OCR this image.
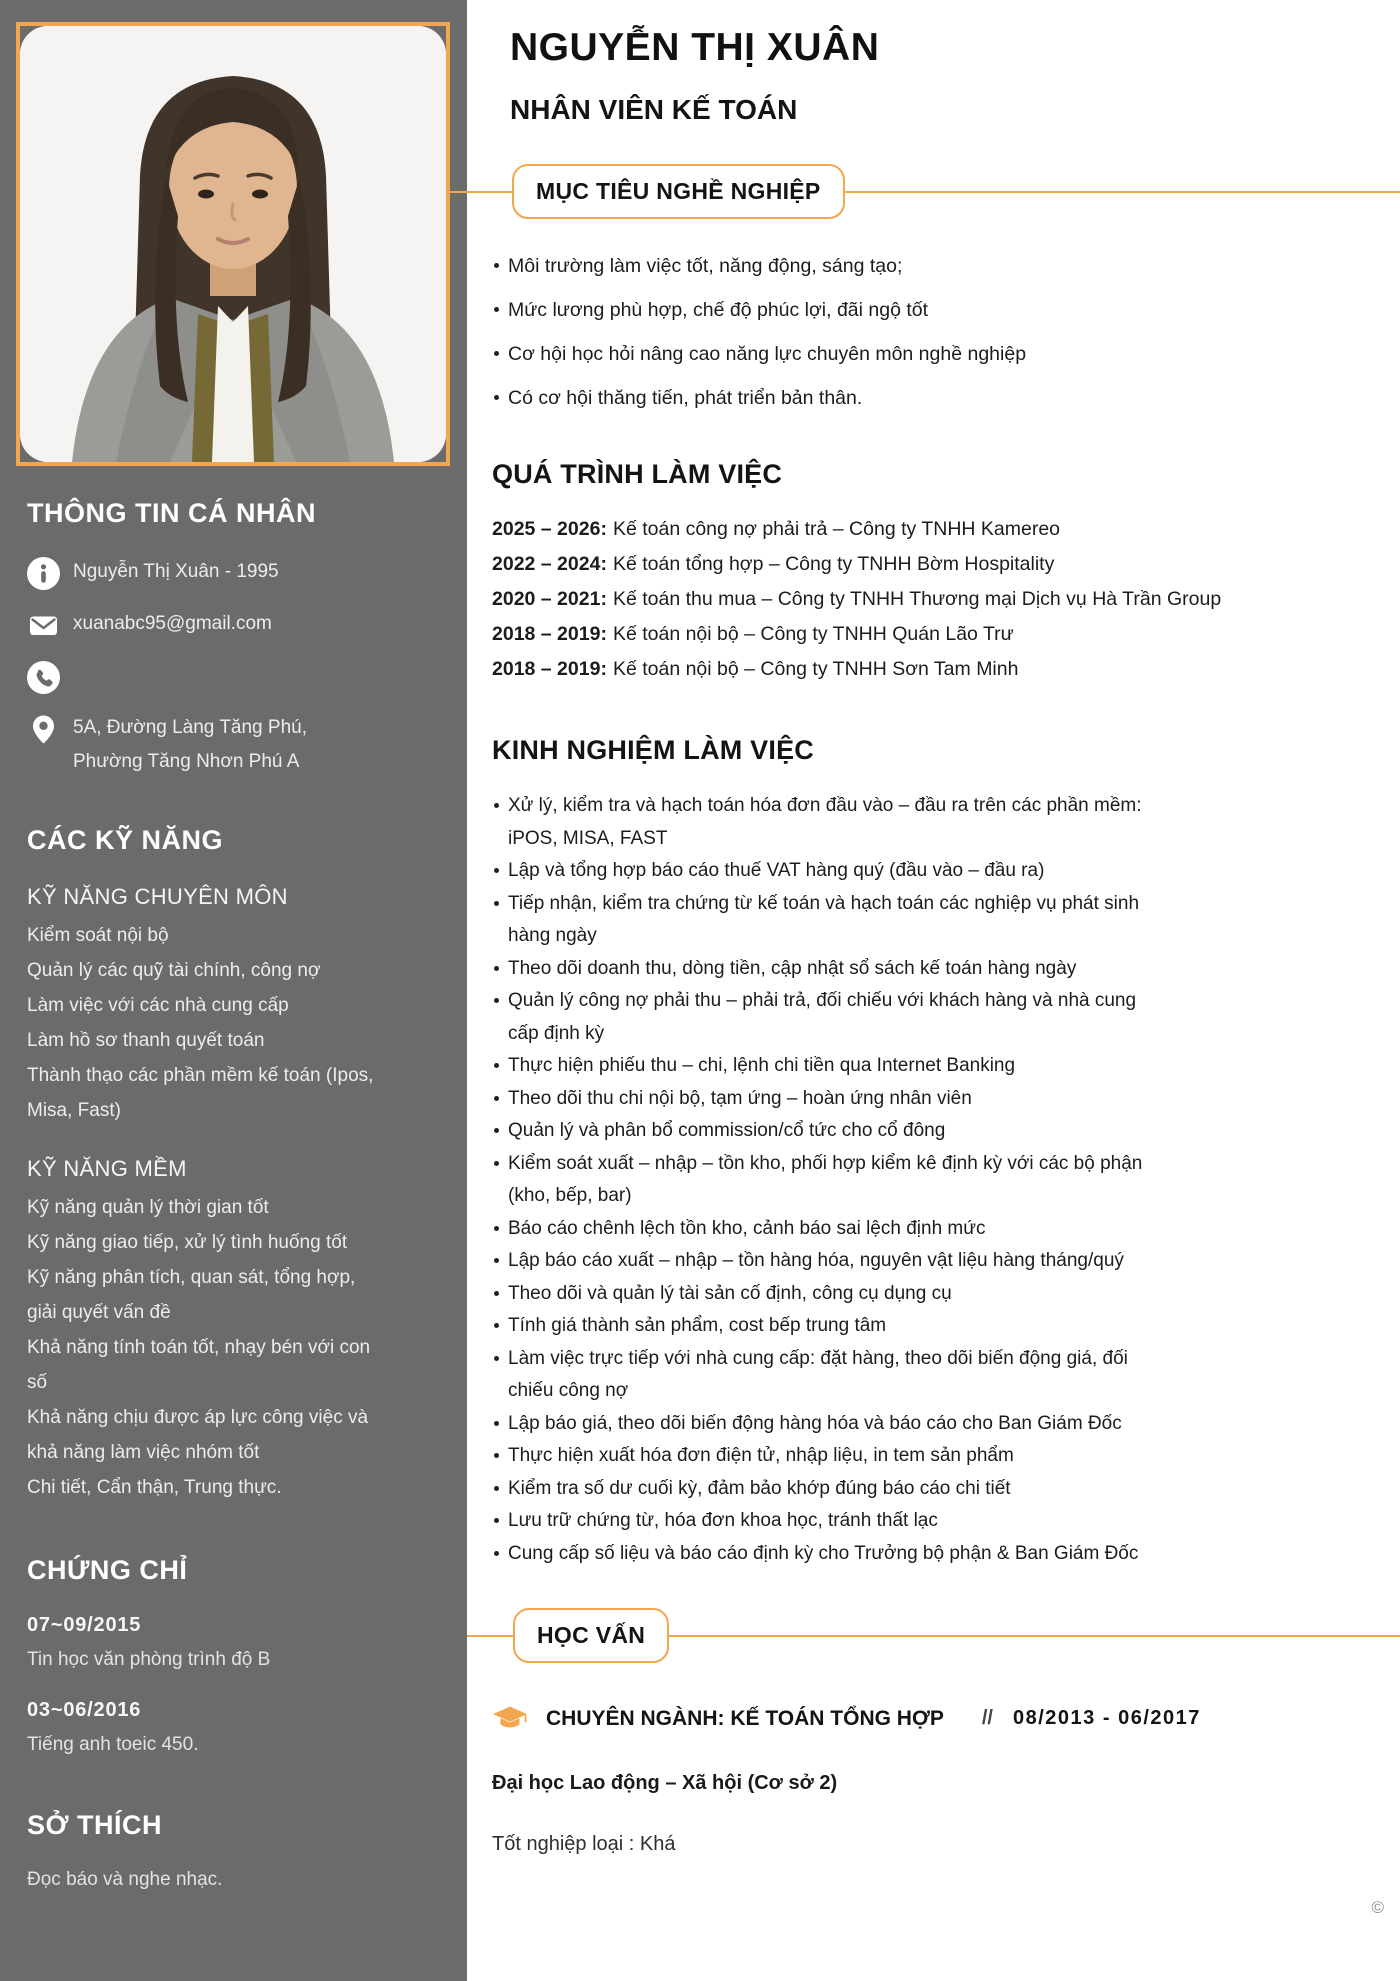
THÔNG TIN CÁ NHÂN
Nguyễn Thị Xuân - 1995
xuanabc95@gmail.com
5A, Đường Làng Tăng Phú, Phường Tăng Nhơn Phú A
CÁC KỸ NĂNG
KỸ NĂNG CHUYÊN MÔN
Kiểm soát nội bộ
Quản lý các quỹ tài chính, công nợ
Làm việc với các nhà cung cấp
Làm hồ sơ thanh quyết toán
Thành thạo các phần mềm kế toán (Ipos, Misa, Fast)
KỸ NĂNG MỀM
Kỹ năng quản lý thời gian tốt
Kỹ năng giao tiếp, xử lý tình huống tốt
Kỹ năng phân tích, quan sát, tổng hợp, giải quyết vấn đề
Khả năng tính toán tốt, nhạy bén với con số
Khả năng chịu được áp lực công việc và khả năng làm việc nhóm tốt
Chi tiết, Cẩn thận, Trung thực.
CHỨNG CHỈ
07~09/2015
Tin học văn phòng trình độ B
03~06/2016
Tiếng anh toeic 450.
SỞ THÍCH

Đọc báo và nghe nhạc.

NGUYỄN THỊ XUÂN
NHÂN VIÊN KẾ TOÁN
MỤC TIÊU NGHỀ NGHIỆP
Môi trường làm việc tốt, năng động, sáng tạo;
Mức lương phù hợp, chế độ phúc lợi, đãi ngộ tốt
Cơ hội học hỏi nâng cao năng lực chuyên môn nghề nghiệp
Có cơ hội thăng tiến, phát triển bản thân.
QUÁ TRÌNH LÀM VIỆC
2025 – 2026: Kế toán công nợ phải trả – Công ty TNHH Kamereo
2022 – 2024: Kế toán tổng hợp – Công ty TNHH Bờm Hospitality
2020 – 2021: Kế toán thu mua – Công ty TNHH Thương mại Dịch vụ Hà Trần Group
2018 – 2019: Kế toán nội bộ – Công ty TNHH Quán Lão Trư
2018 – 2019: Kế toán nội bộ – Công ty TNHH Sơn Tam Minh
KINH NGHIỆM LÀM VIỆC
Xử lý, kiểm tra và hạch toán hóa đơn đầu vào – đầu ra trên các phần mềm: iPOS, MISA, FAST
Lập và tổng hợp báo cáo thuế VAT hàng quý (đầu vào – đầu ra)
Tiếp nhận, kiểm tra chứng từ kế toán và hạch toán các nghiệp vụ phát sinh hàng ngày
Theo dõi doanh thu, dòng tiền, cập nhật sổ sách kế toán hàng ngày
Quản lý công nợ phải thu – phải trả, đối chiếu với khách hàng và nhà cung cấp định kỳ
Thực hiện phiếu thu – chi, lệnh chi tiền qua Internet Banking
Theo dõi thu chi nội bộ, tạm ứng – hoàn ứng nhân viên
Quản lý và phân bổ commission/cổ tức cho cổ đông
Kiểm soát xuất – nhập – tồn kho, phối hợp kiểm kê định kỳ với các bộ phận (kho, bếp, bar)
Báo cáo chênh lệch tồn kho, cảnh báo sai lệch định mức
Lập báo cáo xuất – nhập – tồn hàng hóa, nguyên vật liệu hàng tháng/quý
Theo dõi và quản lý tài sản cố định, công cụ dụng cụ
Tính giá thành sản phẩm, cost bếp trung tâm
Làm việc trực tiếp với nhà cung cấp: đặt hàng, theo dõi biến động giá, đối chiếu công nợ
Lập báo giá, theo dõi biến động hàng hóa và báo cáo cho Ban Giám Đốc
Thực hiện xuất hóa đơn điện tử, nhập liệu, in tem sản phẩm
Kiểm tra số dư cuối kỳ, đảm bảo khớp đúng báo cáo chi tiết
Lưu trữ chứng từ, hóa đơn khoa học, tránh thất lạc
Cung cấp số liệu và báo cáo định kỳ cho Trưởng bộ phận & Ban Giám Đốc
HỌC VẤN
CHUYÊN NGÀNH: KẾ TOÁN TỔNG HỢP // 08/2013 - 06/2017
Đại học Lao động – Xã hội (Cơ sở 2)
Tốt nghiệp loại : Khá
©
